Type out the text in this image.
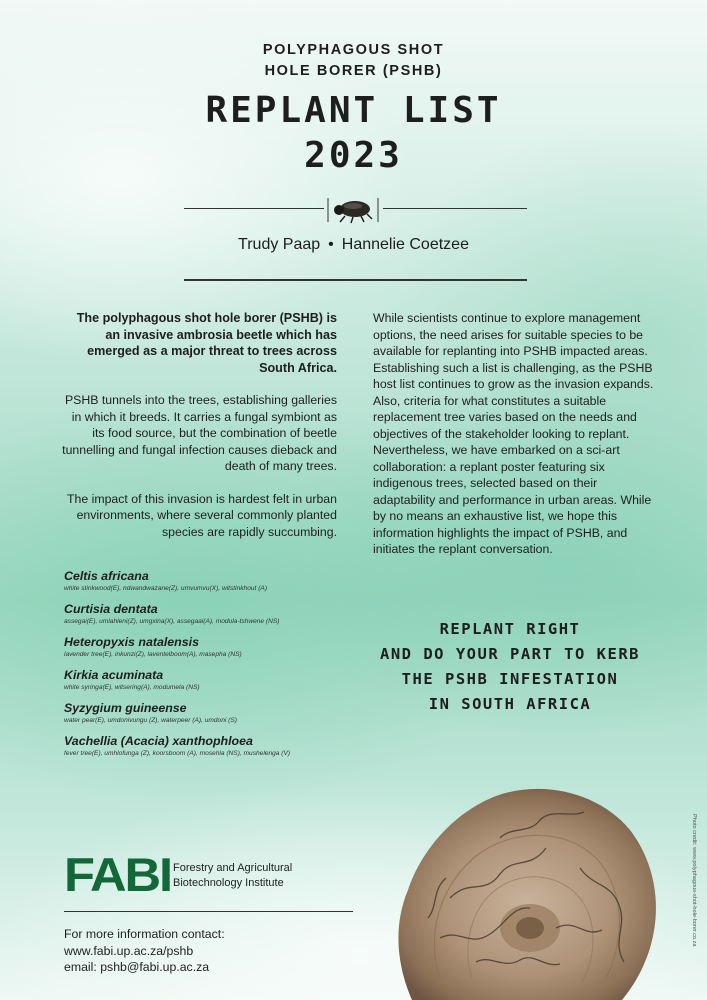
POLYPHAGOUS SHOT
HOLE BORER (PSHB)
REPLANT LIST
2023
Trudy Paap • Hannelie Coetzee

The polyphagous shot hole borer (PSHB) is an invasive ambrosia beetle which has emerged as a major threat to trees across South Africa.

PSHB tunnels into the trees, establishing galleries in which it breeds. It carries a fungal symbiont as its food source, but the combination of beetle tunnelling and fungal infection causes dieback and death of many trees.

The impact of this invasion is hardest felt in urban environments, where several commonly planted species are rapidly succumbing.

While scientists continue to explore management options, the need arises for suitable species to be available for replanting into PSHB impacted areas. Establishing such a list is challenging, as the PSHB host list continues to grow as the invasion expands. Also, criteria for what constitutes a suitable replacement tree varies based on the needs and objectives of the stakeholder looking to replant. Nevertheless, we have embarked on a sci-art collaboration: a replant poster featuring six indigenous trees, selected based on their adaptability and performance in urban areas. While by no means an exhaustive list, we hope this information highlights the impact of PSHB, and initiates the replant conversation.

Celtis africana
white stinkwood(E), ndwandwazane(Z), umvumvu(X), witstinkhout (A)
Curtisia dentata
assegai(E), umlahleni(Z), umgxina(X), assegaai(A), modula-tshwene (NS)
Heteropyxis natalensis
lavender tree(E), inkunzi(Z), laventelboom(A), masepha (NS)
Kirkia acuminata
white syringa(E), witsering(A), modumela (NS)
Syzygium guineense
water pear(E), umdonivungu (Z), waterpeer (A), umdoni (S)
Vachellia (Acacia) xanthophloea
fever tree(E), umhlofunga (Z), koorsboom (A), mosehla (NS), mushelenga (V)
REPLANT RIGHT
AND DO YOUR PART TO KERB
THE PSHB INFESTATION
IN SOUTH AFRICA
FABI Forestry and Agricultural
Biotechnology Institute
For more information contact:
www.fabi.up.ac.za/pshb
email: pshb@fabi.up.ac.za
Photo credit: www.polyphagous-shot-hole-borer.co.za
